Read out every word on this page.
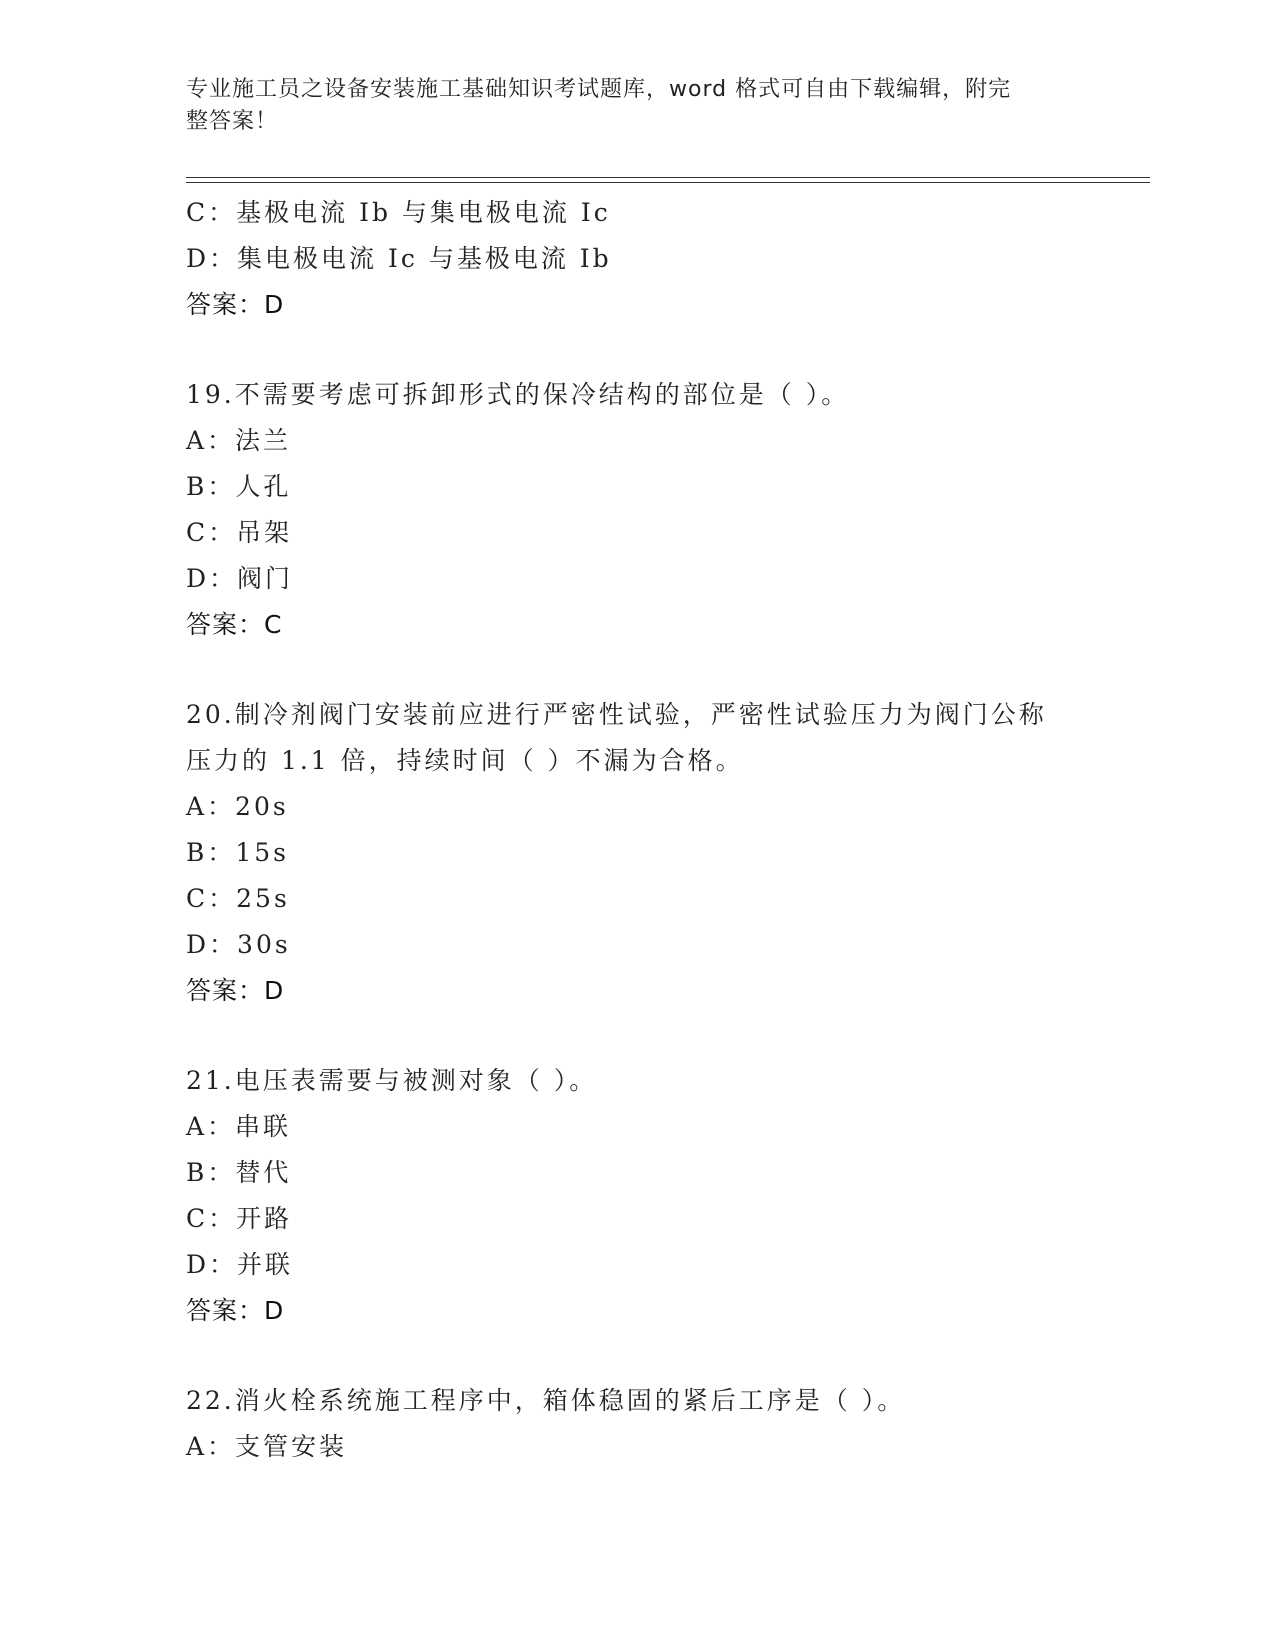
专业施工员之设备安装施工基础知识考试题库，word 格式可自由下载编辑，附完
整答案！
C：基极电流 Ib 与集电极电流 Ic
D：集电极电流 Ic 与基极电流 Ib
答案：D
19.不需要考虑可拆卸形式的保冷结构的部位是（ ）。
A：法兰
B：人孔
C：吊架
D：阀门
答案：C
20.制冷剂阀门安装前应进行严密性试验，严密性试验压力为阀门公称
压力的 1.1 倍，持续时间（ ）不漏为合格。
A：20s
B：15s
C：25s
D：30s
答案：D
21.电压表需要与被测对象（ ）。
A：串联
B：替代
C：开路
D：并联
答案：D
22.消火栓系统施工程序中，箱体稳固的紧后工序是（ ）。
A：支管安装
